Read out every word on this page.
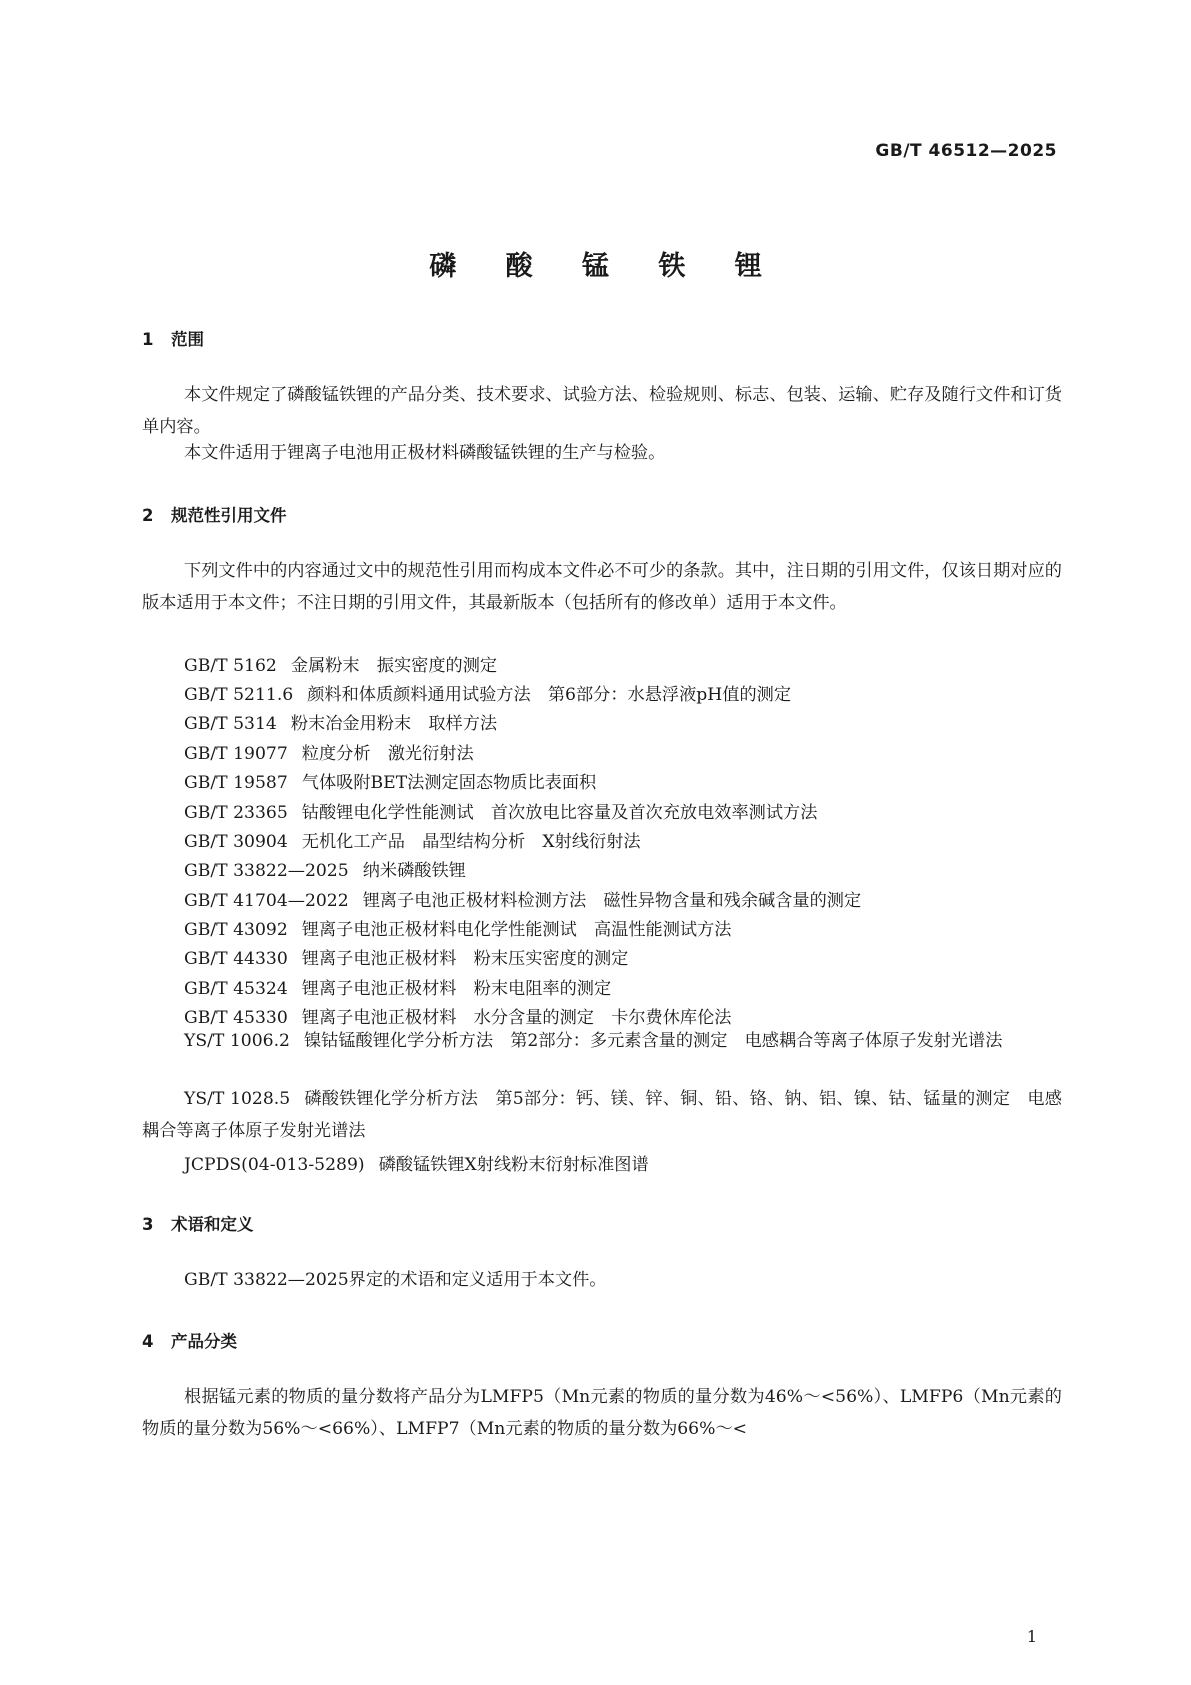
GB/T 46512—2025
磷 酸 锰 铁 锂
1 范围
本文件规定了磷酸锰铁锂的产品分类、技术要求、试验方法、检验规则、标志、包装、运输、贮存及随行文件和订货单内容。
本文件适用于锂离子电池用正极材料磷酸锰铁锂的生产与检验。
2 规范性引用文件
下列文件中的内容通过文中的规范性引用而构成本文件必不可少的条款。其中，注日期的引用文件，仅该日期对应的版本适用于本文件；不注日期的引用文件，其最新版本（包括所有的修改单）适用于本文件。
GB/T 5162 金属粉末　振实密度的测定
GB/T 5211.6 颜料和体质颜料通用试验方法　第6部分：水悬浮液pH值的测定
GB/T 5314 粉末冶金用粉末　取样方法
GB/T 19077 粒度分析　激光衍射法
GB/T 19587 气体吸附BET法测定固态物质比表面积
GB/T 23365 钴酸锂电化学性能测试　首次放电比容量及首次充放电效率测试方法
GB/T 30904 无机化工产品　晶型结构分析　X射线衍射法
GB/T 33822—2025 纳米磷酸铁锂
GB/T 41704—2022 锂离子电池正极材料检测方法　磁性异物含量和残余碱含量的测定
GB/T 43092 锂离子电池正极材料电化学性能测试　高温性能测试方法
GB/T 44330 锂离子电池正极材料　粉末压实密度的测定
GB/T 45324 锂离子电池正极材料　粉末电阻率的测定
GB/T 45330 锂离子电池正极材料　水分含量的测定　卡尔费休库伦法
YS/T 1006.2 镍钴锰酸锂化学分析方法　第2部分：多元素含量的测定　电感耦合等离子体原子发射光谱法
YS/T 1028.5 磷酸铁锂化学分析方法　第5部分：钙、镁、锌、铜、铅、铬、钠、铝、镍、钴、锰量的测定　电感耦合等离子体原子发射光谱法
JCPDS(04-013-5289) 磷酸锰铁锂X射线粉末衍射标准图谱
3 术语和定义
GB/T 33822—2025界定的术语和定义适用于本文件。
4 产品分类
根据锰元素的物质的量分数将产品分为LMFP5（Mn元素的物质的量分数为46%～<56%）、LMFP6（Mn元素的物质的量分数为56%～<66%）、LMFP7（Mn元素的物质的量分数为66%～<
1
